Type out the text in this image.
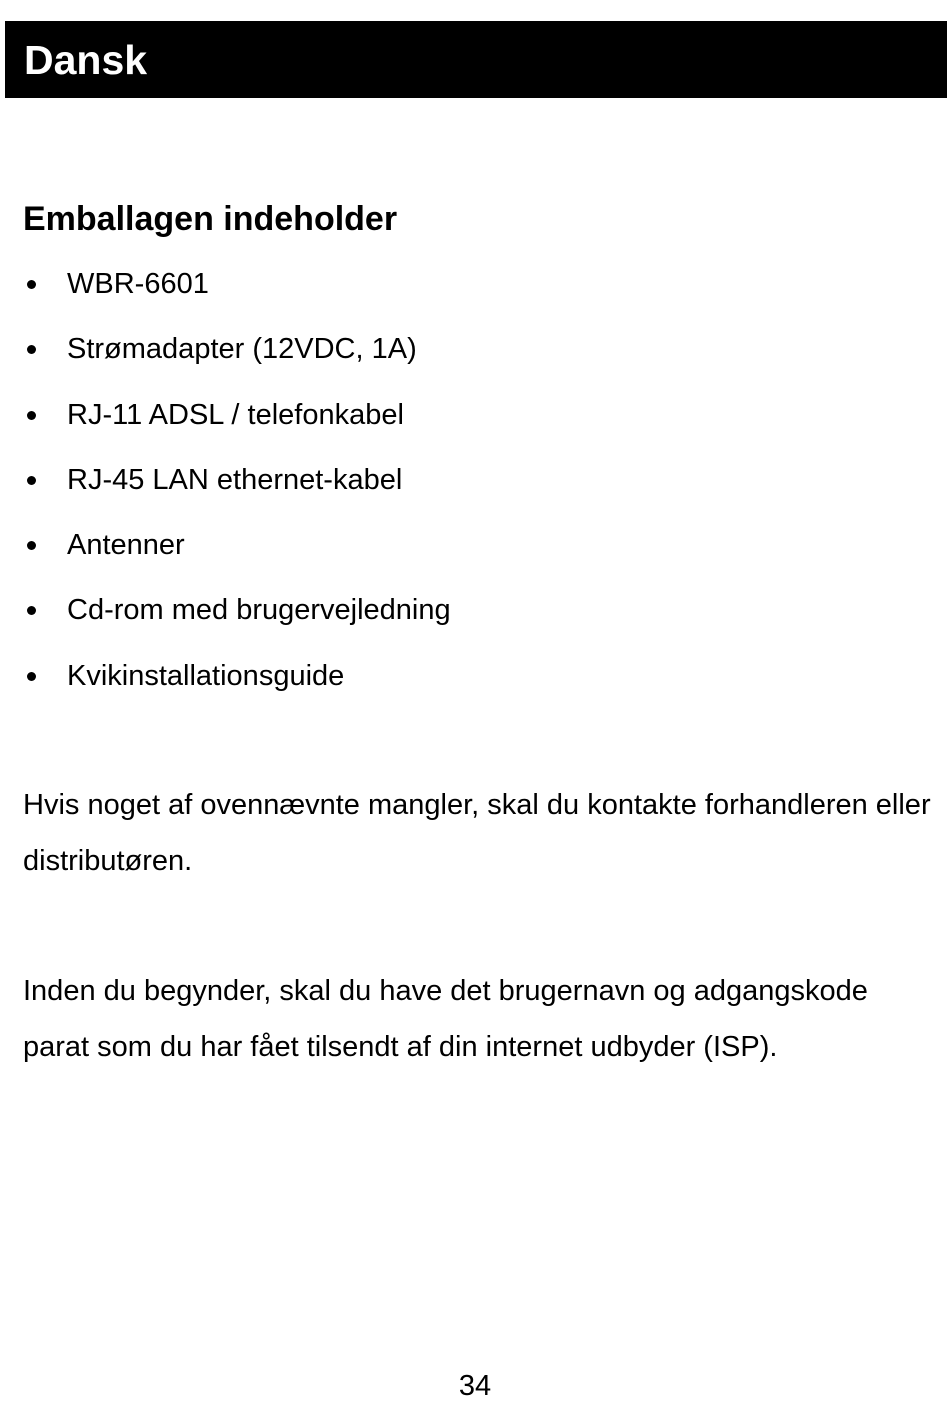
Dansk
Emballagen indeholder
WBR-6601
Strømadapter (12VDC, 1A)
RJ-11 ADSL / telefonkabel
RJ-45 LAN ethernet-kabel
Antenner
Cd-rom med brugervejledning
Kvikinstallationsguide

Hvis noget af ovennævnte mangler, skal du kontakte forhandleren eller distributøren.

Inden du begynder, skal du have det brugernavn og adgangskode parat som du har fået tilsendt af din internet udbyder (ISP).

34
